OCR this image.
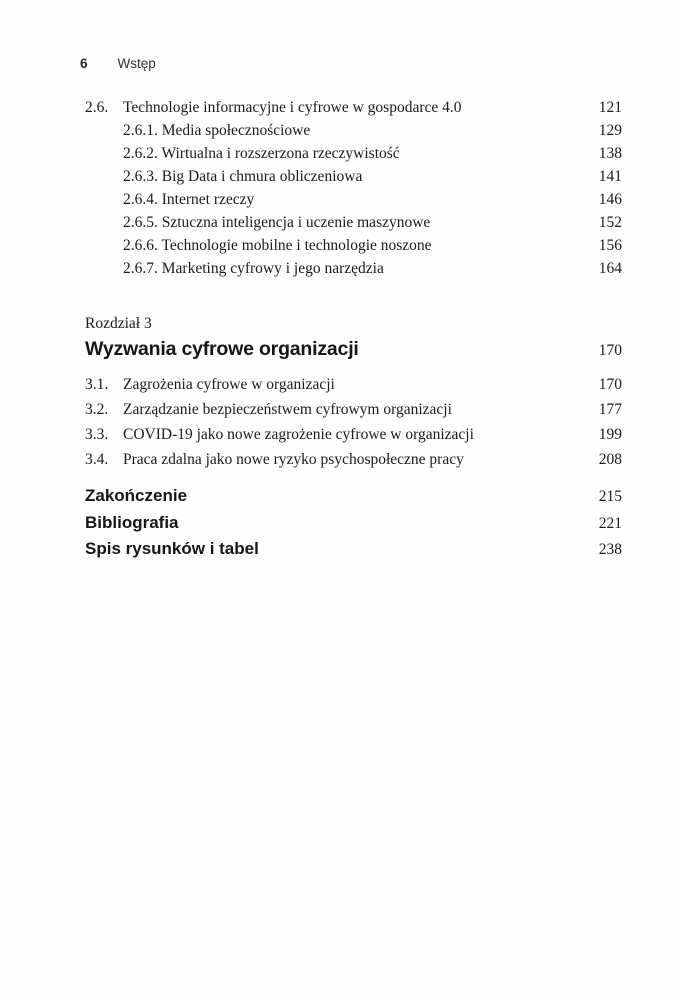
6 Wstęp
2.6. Technologie informacyjne i cyfrowe w gospodarce 4.0	121
2.6.1. Media społecznościowe	129
2.6.2. Wirtualna i rozszerzona rzeczywistość	138
2.6.3. Big Data i chmura obliczeniowa	141
2.6.4. Internet rzeczy	146
2.6.5. Sztuczna inteligencja i uczenie maszynowe	152
2.6.6. Technologie mobilne i technologie noszone	156
2.6.7. Marketing cyfrowy i jego narzędzia	164
Rozdział 3
Wyzwania cyfrowe organizacji	170
3.1. Zagrożenia cyfrowe w organizacji	170
3.2. Zarządzanie bezpieczeństwem cyfrowym organizacji	177
3.3. COVID-19 jako nowe zagrożenie cyfrowe w organizacji	199
3.4. Praca zdalna jako nowe ryzyko psychospołeczne pracy	208
Zakończenie	215
Bibliografia	221
Spis rysunków i tabel	238
